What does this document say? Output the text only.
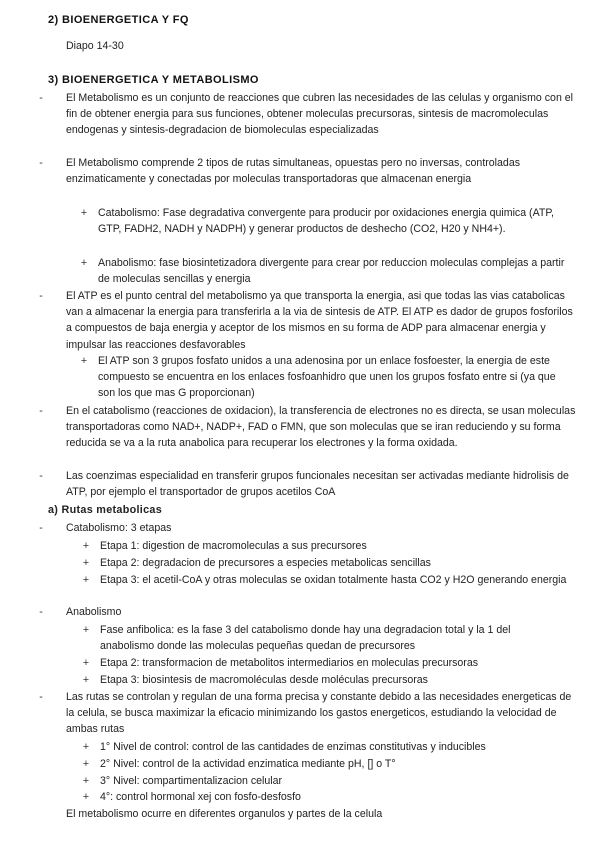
2) BIOENERGETICA Y FQ
Diapo 14-30
3) BIOENERGETICA Y METABOLISMO
-	El Metabolismo es un conjunto de reacciones que cubren las necesidades de las celulas y organismo con el fin de obtener energia para sus funciones, obtener moleculas precursoras, sintesis de macromoleculas endogenas y sintesis-degradacion de biomoleculas especializadas
-	El Metabolismo comprende 2 tipos de rutas simultaneas, opuestas pero no inversas, controladas enzimaticamente y conectadas por moleculas transportadoras que almacenan energia
+ Catabolismo: Fase degradativa convergente para producir por oxidaciones energia quimica (ATP, GTP, FADH2, NADH y NADPH) y generar productos de deshecho (CO2, H20 y NH4+).
+ Anabolismo: fase biosintetizadora divergente para crear por reduccion moleculas complejas a partir de moleculas sencillas y energia
-	El ATP es el punto central del metabolismo ya que transporta la energia, asi que todas las vias catabolicas van a almacenar la energia para transferirla a la via de sintesis de ATP. El ATP es dador de grupos fosforilos a compuestos de baja energia y aceptor de los mismos en su forma de ADP para almacenar energia y impulsar las reacciones desfavorables
+ El ATP son 3 grupos fosfato unidos a una adenosina por un enlace fosfoester, la energia de este compuesto se encuentra en los enlaces fosfoanhidro que unen los grupos fosfato entre si (ya que son los que mas G proporcionan)
-	En el catabolismo (reacciones de oxidacion), la transferencia de electrones no es directa, se usan moleculas transportadoras como NAD+, NADP+, FAD o FMN, que son moleculas que se iran reduciendo y su forma reducida se va a la ruta anabolica para recuperar los electrones y la forma oxidada.
-	Las coenzimas especialidad en transferir grupos funcionales necesitan ser activadas mediante hidrolisis de ATP, por ejemplo el transportador de grupos acetilos CoA
a) Rutas metabolicas
-	Catabolismo: 3 etapas
+ Etapa 1: digestion de macromoleculas a sus precursores
+ Etapa 2: degradacion de precursores a especies metabolicas sencillas
+ Etapa 3: el acetil-CoA y otras moleculas se oxidan totalmente hasta CO2 y H2O generando energia
-	Anabolismo
+ Fase anfibolica: es la fase 3 del catabolismo donde hay una degradacion total y la 1 del anabolismo donde las moleculas pequeñas quedan de precursores
+ Etapa 2: transformacion de metabolitos intermediarios en moleculas precursoras
+ Etapa 3: biosintesis de macromoléculas desde moléculas precursoras
-	Las rutas se controlan y regulan de una forma precisa y constante debido a las necesidades energeticas de la celula, se busca maximizar la eficacio minimizando los gastos energeticos, estudiando la velocidad de ambas rutas
+ 1° Nivel de control: control de las cantidades de enzimas constitutivas y inducibles
+ 2° Nivel: control de la actividad enzimatica mediante pH, [] o T°
+ 3° Nivel: compartimentalizacion celular
+ 4°: control hormonal xej con fosfo-desfosfo
El metabolismo ocurre en diferentes organulos y partes de la celula
